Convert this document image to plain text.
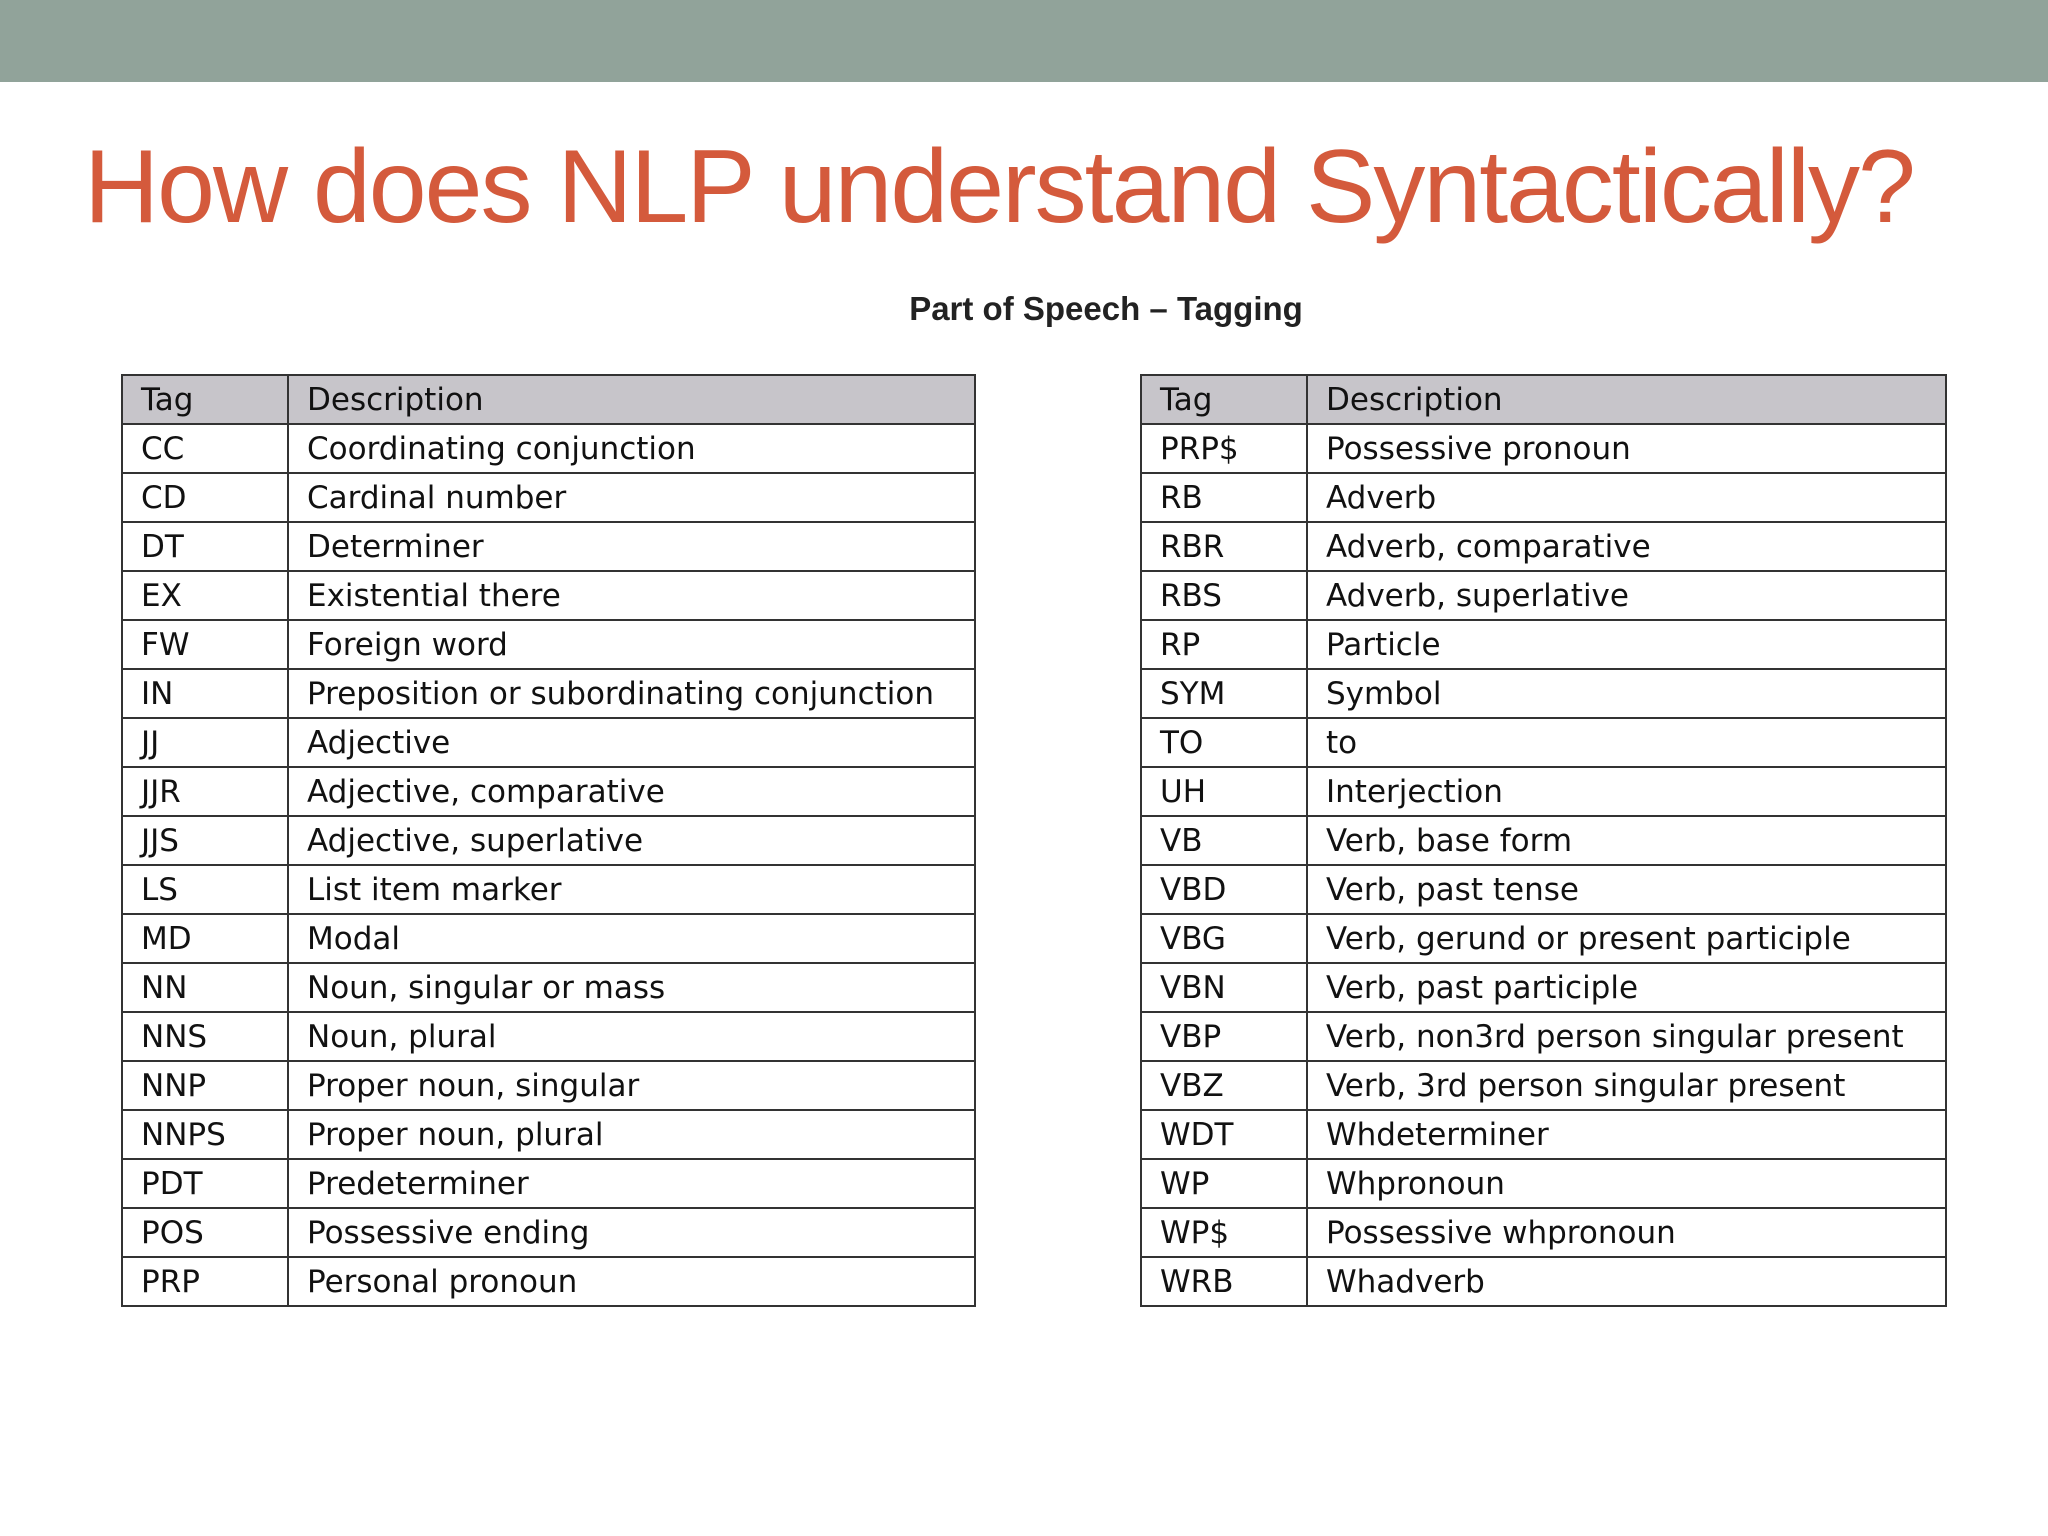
How does NLP understand Syntactically?
Part of Speech – Tagging
Tag	Description
CC	Coordinating conjunction
CD	Cardinal number
DT	Determiner
EX	Existential there
FW	Foreign word
IN	Preposition or subordinating conjunction
JJ	Adjective
JJR	Adjective, comparative
JJS	Adjective, superlative
LS	List item marker
MD	Modal
NN	Noun, singular or mass
NNS	Noun, plural
NNP	Proper noun, singular
NNPS	Proper noun, plural
PDT	Predeterminer
POS	Possessive ending
PRP	Personal pronoun
Tag	Description
PRP$	Possessive pronoun
RB	Adverb
RBR	Adverb, comparative
RBS	Adverb, superlative
RP	Particle
SYM	Symbol
TO	to
UH	Interjection
VB	Verb, base form
VBD	Verb, past tense
VBG	Verb, gerund or present participle
VBN	Verb, past participle
VBP	Verb, non3rd person singular present
VBZ	Verb, 3rd person singular present
WDT	Whdeterminer
WP	Whpronoun
WP$	Possessive whpronoun
WRB	Whadverb
